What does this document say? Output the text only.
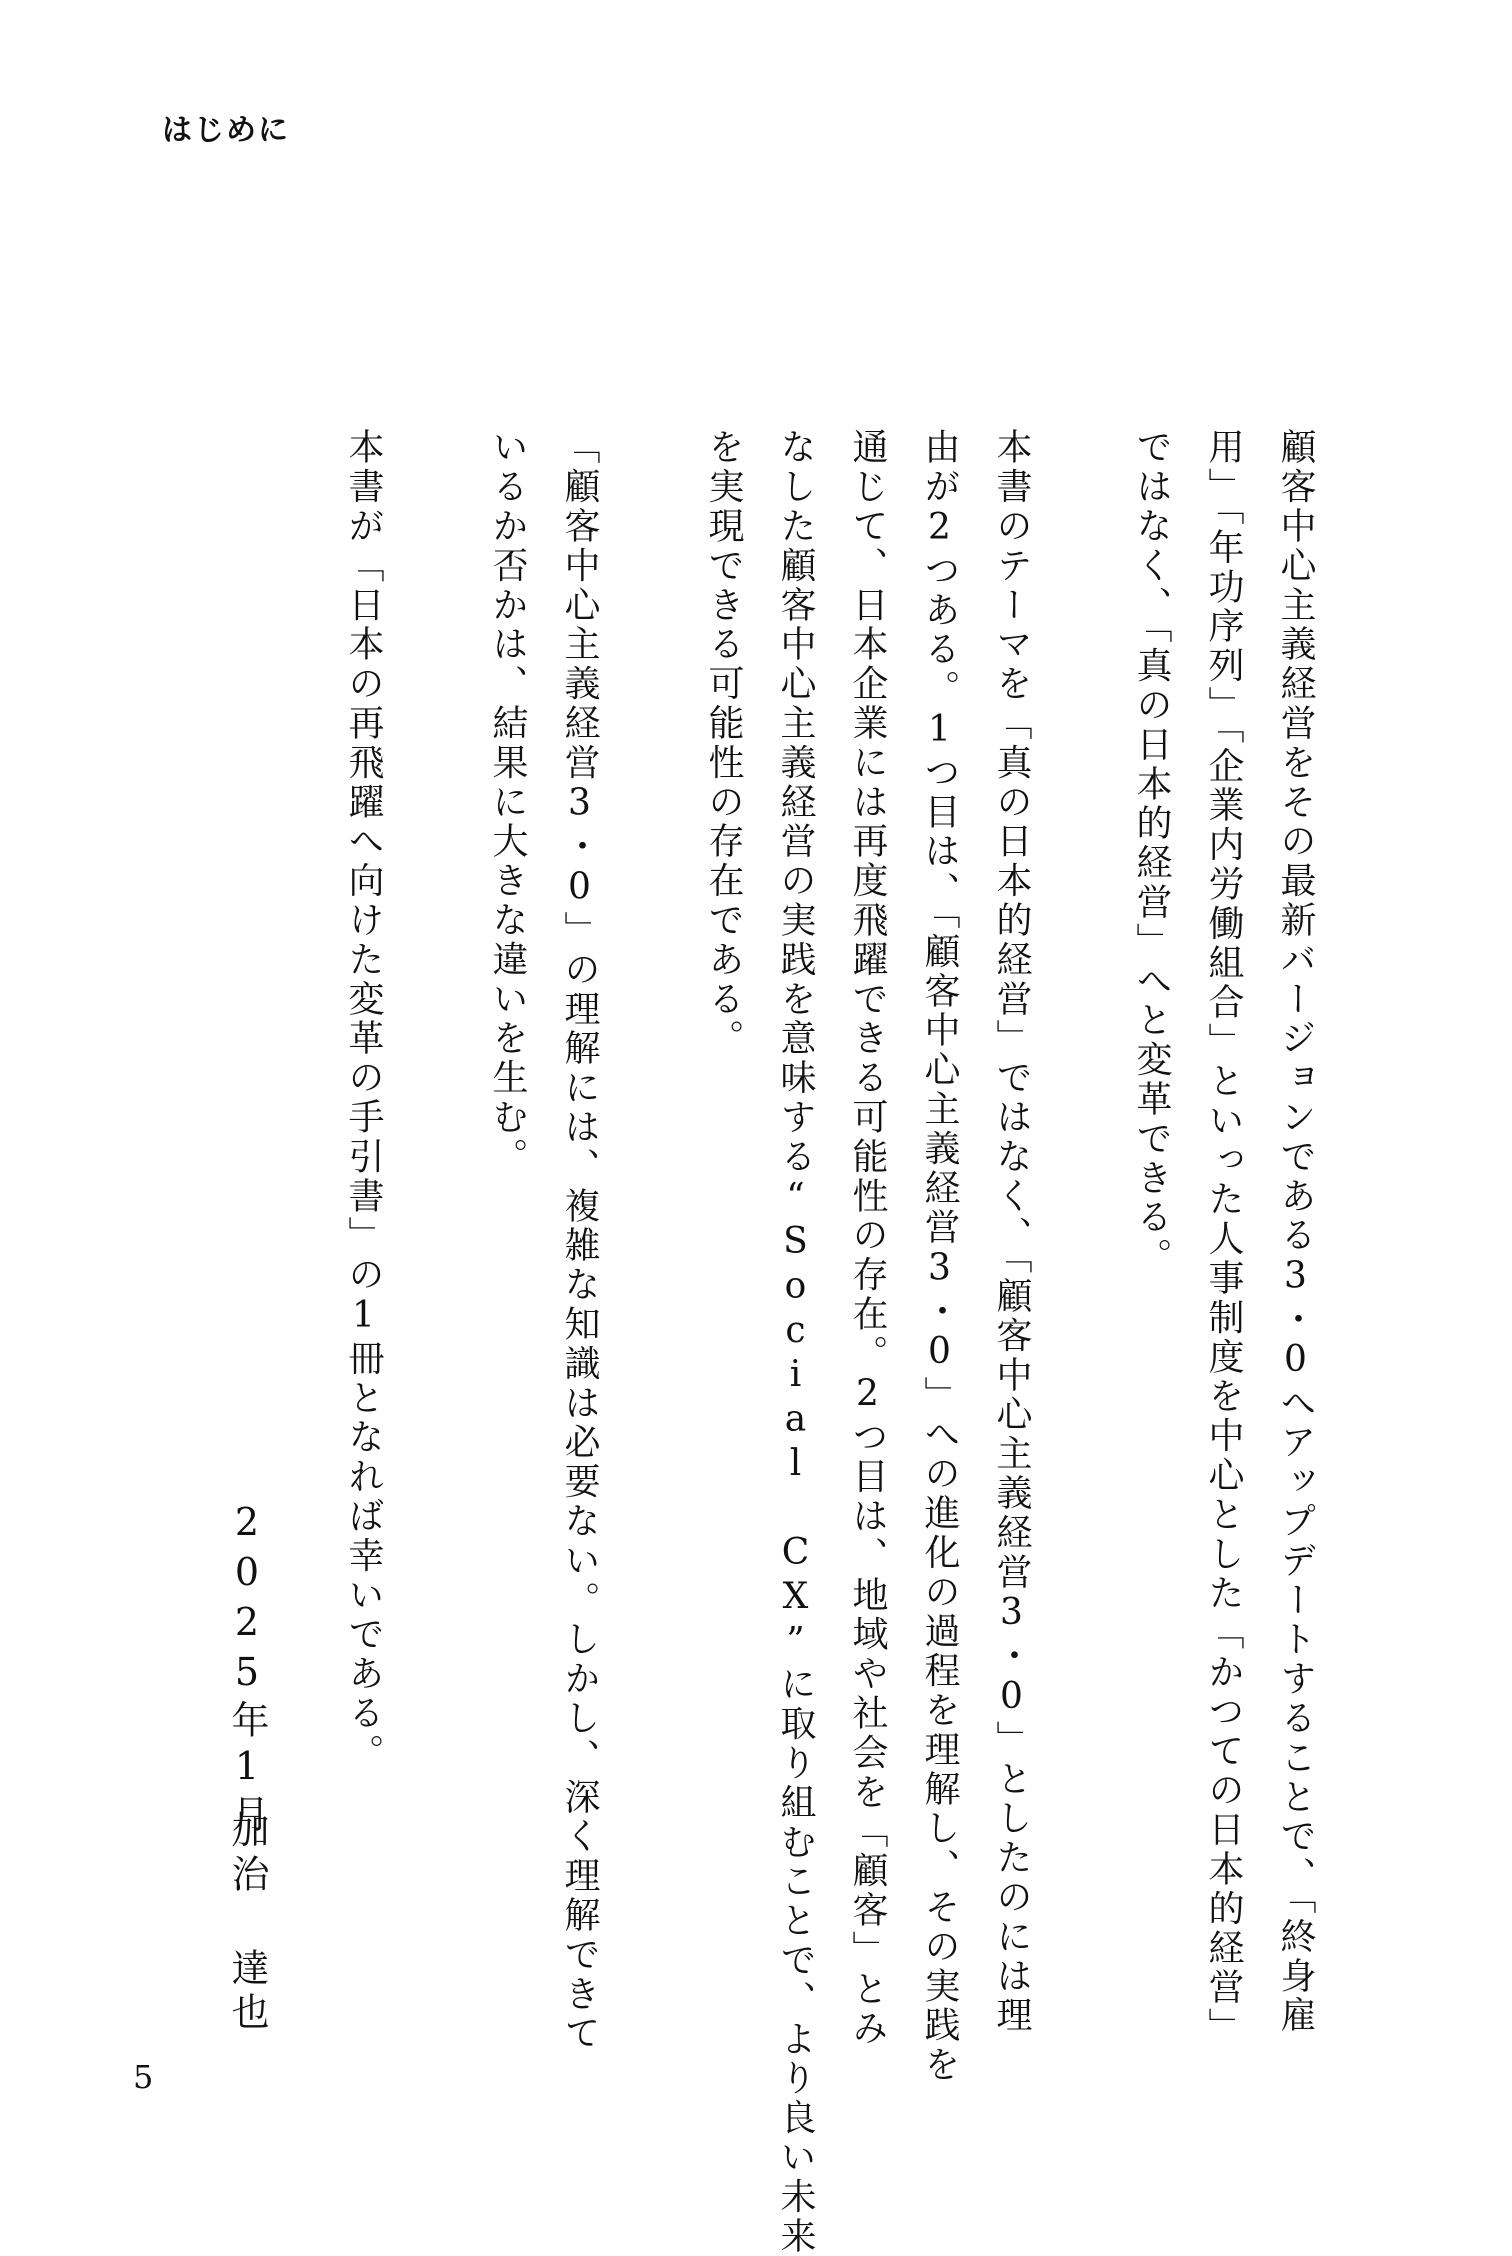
はじめに
顧客中心主義経営をその最新バージョンである3・0へアップデートすることで、「終身雇
用」「年功序列」「企業内労働組合」といった人事制度を中心とした「かつての日本的経営」
ではなく、「真の日本的経営」へと変革できる。
本書のテーマを「真の日本的経営」ではなく、「顧客中心主義経営3・0」としたのには理
由が2つある。1つ目は、「顧客中心主義経営3・0」への進化の過程を理解し、その実践を
通じて、日本企業には再度飛躍できる可能性の存在。2つ目は、地域や社会を「顧客」とみ
なした顧客中心主義経営の実践を意味する“Social CX”に取り組むことで、より良い未来
を実現できる可能性の存在である。
「顧客中心主義経営3・0」の理解には、複雑な知識は必要ない。しかし、深く理解できて
いるか否かは、結果に大きな違いを生む。
本書が「日本の再飛躍へ向けた変革の手引書」の1冊となれば幸いである。
2025年1月
加治 達也
5
